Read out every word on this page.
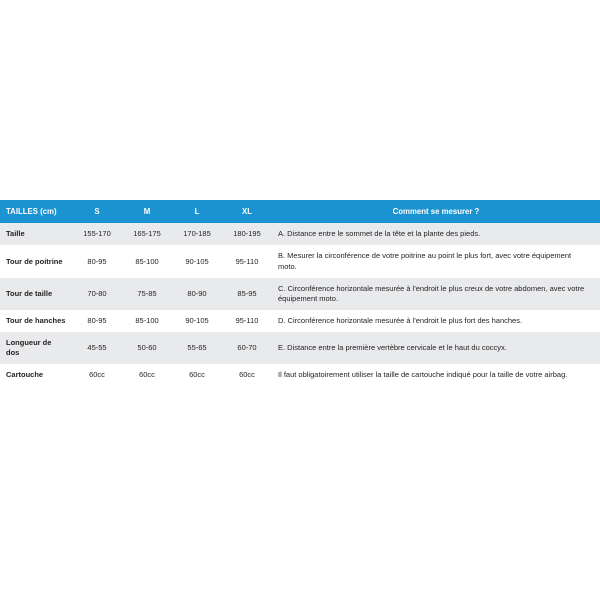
TAILLES (cm)	S	M	L	XL	Comment se mesurer ?
Taille	155-170	165-175	170-185	180-195	A. Distance entre le sommet de la tête et la plante des pieds.
Tour de poitrine	80-95	85-100	90-105	95-110	B. Mesurer la circonférence de votre poitrine au point le plus fort, avec votre équipement moto.
Tour de taille	70-80	75-85	80-90	85-95	C. Circonférence horizontale mesurée à l'endroit le plus creux de votre abdomen, avec votre équipement moto.
Tour de hanches	80-95	85-100	90-105	95-110	D. Circonférence horizontale mesurée à l'endroit le plus fort des hanches.
Longueur de dos	45-55	50-60	55-65	60-70	E. Distance entre la première vertèbre cervicale et le haut du coccyx.
Cartouche	60cc	60cc	60cc	60cc	Il faut obligatoirement utiliser la taille de cartouche indiqué pour la taille de votre airbag.
